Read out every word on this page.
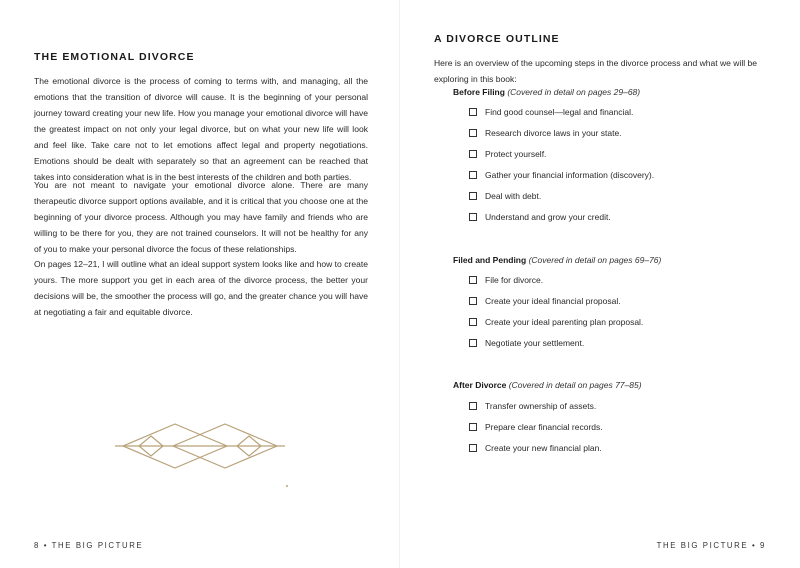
THE EMOTIONAL DIVORCE

The emotional divorce is the process of coming to terms with, and managing, all the emotions that the transition of divorce will cause. It is the beginning of your personal journey toward creating your new life. How you manage your emotional divorce will have the greatest impact on not only your legal divorce, but on what your new life will look and feel like. Take care not to let emotions affect legal and property negotiations. Emotions should be dealt with separately so that an agreement can be reached that takes into consideration what is in the best interests of the children and both parties.

You are not meant to navigate your emotional divorce alone. There are many therapeutic divorce support options available, and it is critical that you choose one at the beginning of your divorce process. Although you may have family and friends who are willing to be there for you, they are not trained counselors. It will not be healthy for any of you to make your personal divorce the focus of these relationships.

On pages 12–21, I will outline what an ideal support system looks like and how to create yours. The more support you get in each area of the divorce process, the better your decisions will be, the smoother the process will go, and the greater chance you will have at negotiating a fair and equitable divorce.

8 • THE BIG PICTURE
A DIVORCE OUTLINE

Here is an overview of the upcoming steps in the divorce process and what we will be exploring in this book:

Before Filing (Covered in detail on pages 29–68)
Find good counsel—legal and financial.
Research divorce laws in your state.
Protect yourself.
Gather your financial information (discovery).
Deal with debt.
Understand and grow your credit.
Filed and Pending (Covered in detail on pages 69–76)
File for divorce.
Create your ideal financial proposal.
Create your ideal parenting plan proposal.
Negotiate your settlement.
After Divorce (Covered in detail on pages 77–85)
Transfer ownership of assets.
Prepare clear financial records.
Create your new financial plan.
THE BIG PICTURE • 9
